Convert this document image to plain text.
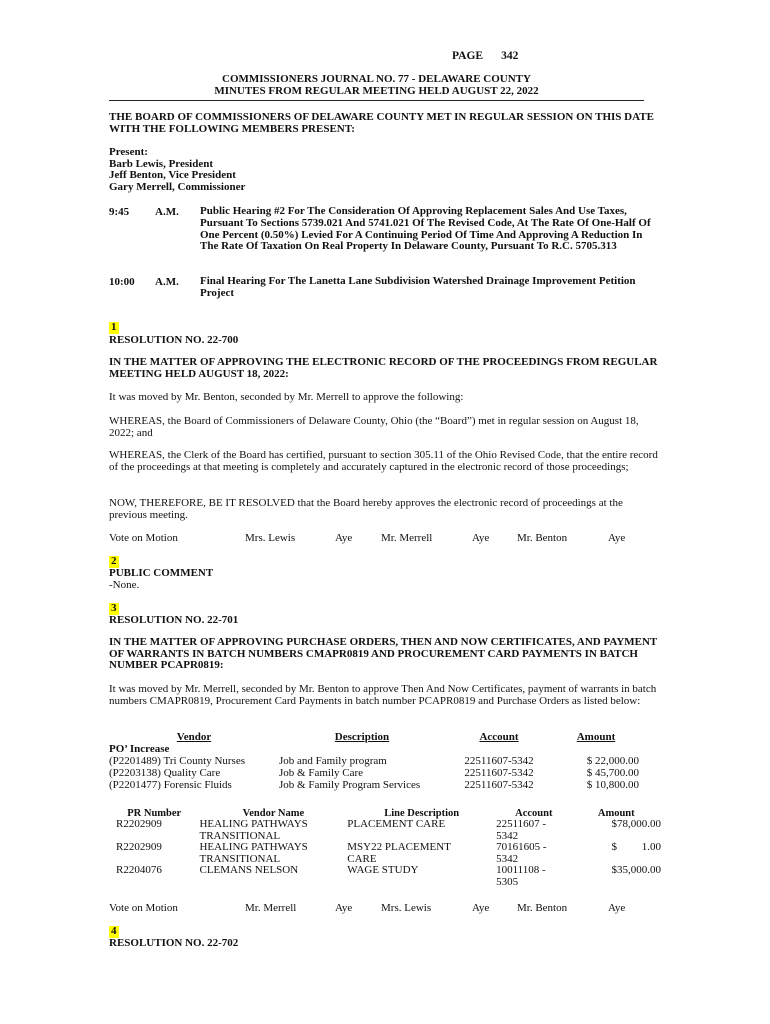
PAGE 342
COMMISSIONERS JOURNAL NO. 77 - DELAWARE COUNTY
MINUTES FROM REGULAR MEETING HELD AUGUST 22, 2022
THE BOARD OF COMMISSIONERS OF DELAWARE COUNTY MET IN REGULAR SESSION ON THIS DATE WITH THE FOLLOWING MEMBERS PRESENT:
Present:
Barb Lewis, President
Jeff Benton, Vice President
Gary Merrell, Commissioner
9:45 A.M. Public Hearing #2 For The Consideration Of Approving Replacement Sales And Use Taxes, Pursuant To Sections 5739.021 And 5741.021 Of The Revised Code, At The Rate Of One-Half Of One Percent (0.50%) Levied For A Continuing Period Of Time And Approving A Reduction In The Rate Of Taxation On Real Property In Delaware County, Pursuant To R.C. 5705.313
10:00 A.M. Final Hearing For The Lanetta Lane Subdivision Watershed Drainage Improvement Petition Project
1
RESOLUTION NO. 22-700
IN THE MATTER OF APPROVING THE ELECTRONIC RECORD OF THE PROCEEDINGS FROM REGULAR MEETING HELD AUGUST 18, 2022:
It was moved by Mr. Benton, seconded by Mr. Merrell to approve the following:
WHEREAS, the Board of Commissioners of Delaware County, Ohio (the “Board”) met in regular session on August 18, 2022; and
WHEREAS, the Clerk of the Board has certified, pursuant to section 305.11 of the Ohio Revised Code, that the entire record of the proceedings at that meeting is completely and accurately captured in the electronic record of those proceedings;
NOW, THEREFORE, BE IT RESOLVED that the Board hereby approves the electronic record of proceedings at the previous meeting.
Vote on Motion	Mrs. Lewis	Aye	Mr. Merrell	Aye	Mr. Benton	Aye
2
PUBLIC COMMENT
-None.
3
RESOLUTION NO. 22-701
IN THE MATTER OF APPROVING PURCHASE ORDERS, THEN AND NOW CERTIFICATES, AND PAYMENT OF WARRANTS IN BATCH NUMBERS CMAPR0819 AND PROCUREMENT CARD PAYMENTS IN BATCH NUMBER PCAPR0819:
It was moved by Mr. Merrell, seconded by Mr. Benton to approve Then And Now Certificates, payment of warrants in batch numbers CMAPR0819, Procurement Card Payments in batch number PCAPR0819 and Purchase Orders as listed below:
Vendor	Description	Account	Amount
PO’ Increase			
(P2201489) Tri County Nurses	Job and Family program	22511607-5342	$ 22,000.00
(P2203138) Quality Care	Job & Family Care	22511607-5342	$ 45,700.00
(P2201477) Forensic Fluids	Job & Family Program Services	22511607-5342	$ 10,800.00
PR Number	Vendor Name	Line Description	Account	Amount
R2202909	HEALING PATHWAYS TRANSITIONAL	PLACEMENT CARE	22511607 - 5342	$78,000.00
R2202909	HEALING PATHWAYS TRANSITIONAL	MSY22 PLACEMENT CARE	70161605 - 5342	$         1.00
R2204076	CLEMANS NELSON	WAGE STUDY	10011108 - 5305	$35,000.00
Vote on Motion	Mr. Merrell	Aye	Mrs. Lewis	Aye	Mr. Benton	Aye
4
RESOLUTION NO. 22-702
